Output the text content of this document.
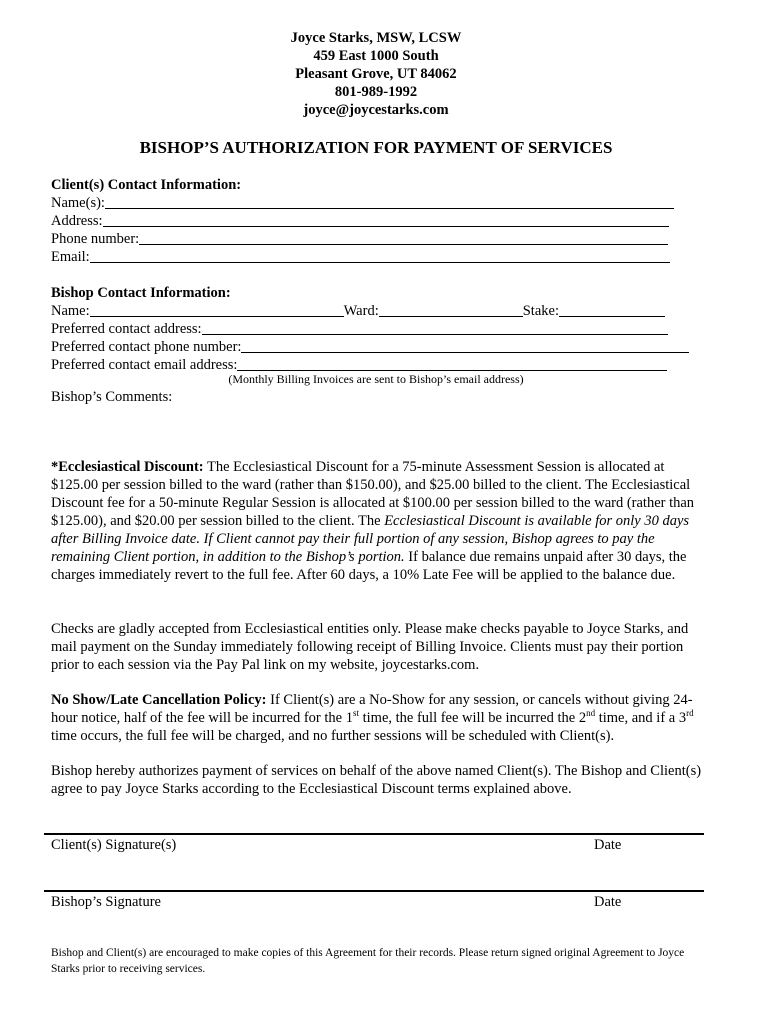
Joyce Starks, MSW, LCSW
459 East 1000 South
Pleasant Grove, UT 84062
801-989-1992
joyce@joycestarks.com
BISHOP’S AUTHORIZATION FOR PAYMENT OF SERVICES
Client(s) Contact Information:
Name(s):
Address:
Phone number:
Email:
Bishop Contact Information:
Name:	Ward:	Stake:
Preferred contact address:
Preferred contact phone number:
Preferred contact email address:
(Monthly Billing Invoices are sent to Bishop’s email address)
Bishop’s Comments:

*Ecclesiastical Discount: The Ecclesiastical Discount for a 75-minute Assessment Session is allocated at $125.00 per session billed to the ward (rather than $150.00), and $25.00 billed to the client. The Ecclesiastical Discount fee for a 50-minute Regular Session is allocated at $100.00 per session billed to the ward (rather than $125.00), and $20.00 per session billed to the client. The Ecclesiastical Discount is available for only 30 days after Billing Invoice date. If Client cannot pay their full portion of any session, Bishop agrees to pay the remaining Client portion, in addition to the Bishop’s portion. If balance due remains unpaid after 30 days, the charges immediately revert to the full fee. After 60 days, a 10% Late Fee will be applied to the balance due.

Checks are gladly accepted from Ecclesiastical entities only. Please make checks payable to Joyce Starks, and mail payment on the Sunday immediately following receipt of Billing Invoice. Clients must pay their portion prior to each session via the Pay Pal link on my website, joycestarks.com.

No Show/Late Cancellation Policy: If Client(s) are a No-Show for any session, or cancels without giving 24-hour notice, half of the fee will be incurred for the 1st time, the full fee will be incurred the 2nd time, and if a 3rd time occurs, the full fee will be charged, and no further sessions will be scheduled with Client(s).

Bishop hereby authorizes payment of services on behalf of the above named Client(s). The Bishop and Client(s) agree to pay Joyce Starks according to the Ecclesiastical Discount terms explained above.

Client(s) Signature(s)	Date
Bishop’s Signature	Date
Bishop and Client(s) are encouraged to make copies of this Agreement for their records. Please return signed original Agreement to Joyce Starks prior to receiving services.
